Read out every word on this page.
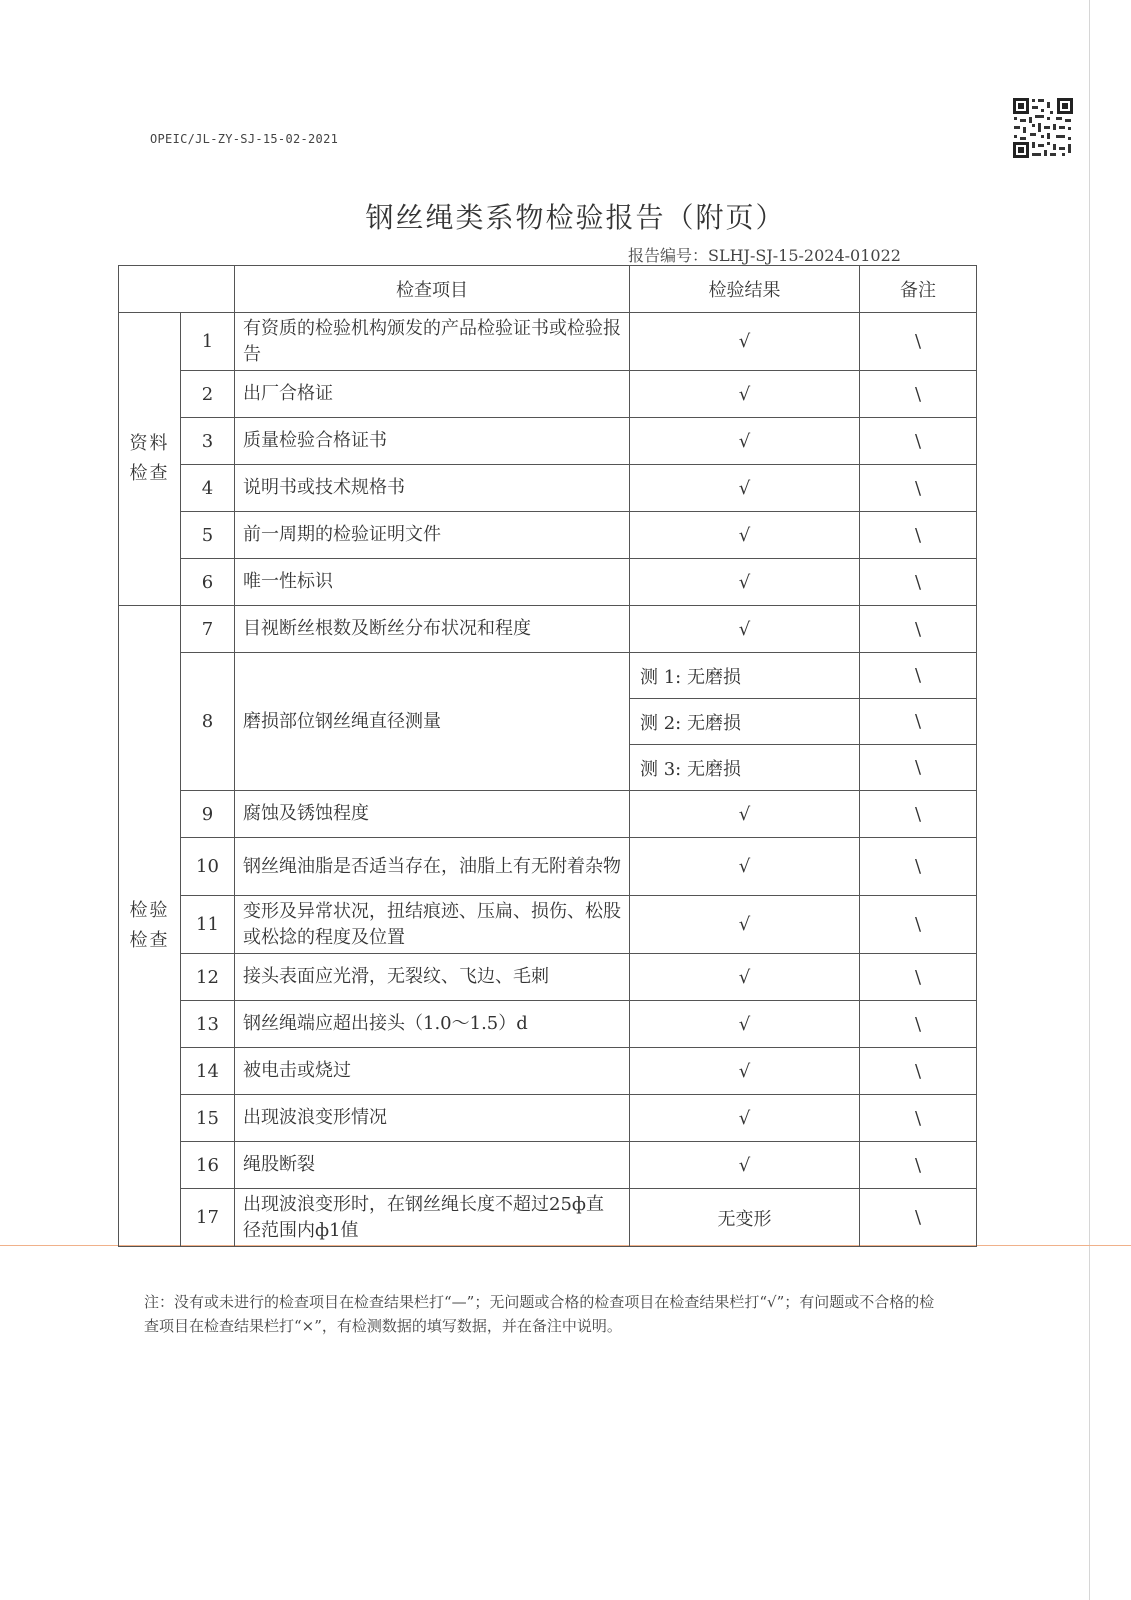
OPEIC/JL-ZY-SJ-15-02-2021
钢丝绳类系物检验报告（附页）
报告编号：SLHJ-SJ-15-2024-01022
		检查项目	检验结果	备注
资料检查	1	有资质的检验机构颁发的产品检验证书或检验报告	√	\
	2	出厂合格证	√	\
	3	质量检验合格证书	√	\
	4	说明书或技术规格书	√	\
	5	前一周期的检验证明文件	√	\
	6	唯一性标识	√	\
检验检查	7	目视断丝根数及断丝分布状况和程度	√	\
	8	磨损部位钢丝绳直径测量	测 1: 无磨损	\
			测 2: 无磨损	\
			测 3: 无磨损	\
	9	腐蚀及锈蚀程度	√	\
	10	钢丝绳油脂是否适当存在，油脂上有无附着杂物	√	\
	11	变形及异常状况，扭结痕迹、压扁、损伤、松股或松捻的程度及位置	√	\
	12	接头表面应光滑，无裂纹、飞边、毛刺	√	\
	13	钢丝绳端应超出接头（1.0～1.5）d	√	\
	14	被电击或烧过	√	\
	15	出现波浪变形情况	√	\
	16	绳股断裂	√	\
	17	出现波浪变形时，在钢丝绳长度不超过25ф直径范围内ф1值	无变形	\
注：没有或未进行的检查项目在检查结果栏打“—”；无问题或合格的检查项目在检查结果栏打“√”；有问题或不合格的检查项目在检查结果栏打“×”，有检测数据的填写数据，并在备注中说明。
